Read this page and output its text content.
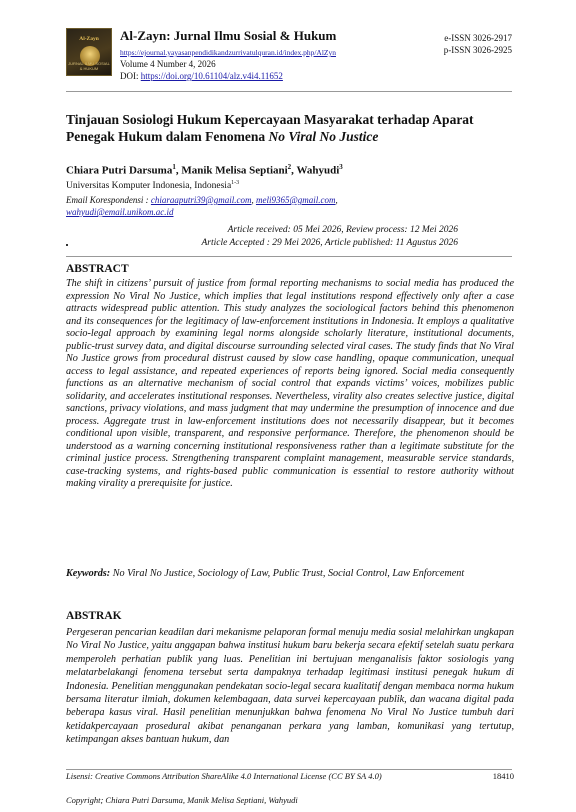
Al-Zayn
JURNAL ILMU SOSIAL & HUKUM
Al-Zayn: Jurnal Ilmu Sosial & Hukum
https://ejournal.yayasanpendidikandzurrivatulquran.id/index.php/AlZyn
Volume 4 Number 4, 2026
DOI: https://doi.org/10.61104/alz.v4i4.11652
e-ISSN 3026-2917
p-ISSN 3026-2925
Tinjauan Sosiologi Hukum Kepercayaan Masyarakat terhadap Aparat Penegak Hukum dalam Fenomena No Viral No Justice
Chiara Putri Darsuma$^1$, Manik Melisa Septiani$^2$, Wahyudi$^3$
Universitas Komputer Indonesia, Indonesia$^{1-3}$
Email Korespondensi : chiaraaputri39@gmail.com, meli9365@gmail.com,
wahyudi@email.unikom.ac.id
Article received: 05 Mei 2026, Review process: 12 Mei 2026
Article Accepted : 29 Mei 2026, Article published: 11 Agustus 2026
ABSTRACT

The shift in citizens’ pursuit of justice from formal reporting mechanisms to social media has produced the expression No Viral No Justice, which implies that legal institutions respond effectively only after a case attracts widespread public attention. This study analyzes the sociological factors behind this phenomenon and its consequences for the legitimacy of law-enforcement institutions in Indonesia. It employs a qualitative socio-legal approach by examining legal norms alongside scholarly literature, institutional documents, public-trust survey data, and digital discourse surrounding selected viral cases. The study finds that No Viral No Justice grows from procedural distrust caused by slow case handling, opaque communication, unequal access to legal assistance, and repeated experiences of reports being ignored. Social media consequently functions as an alternative mechanism of social control that expands victims’ voices, mobilizes public solidarity, and accelerates institutional responses. Nevertheless, virality also creates selective justice, digital sanctions, privacy violations, and mass judgment that may undermine the presumption of innocence and due process. Aggregate trust in law-enforcement institutions does not necessarily disappear, but it becomes conditional upon visible, transparent, and responsive performance. Therefore, the phenomenon should be understood as a warning concerning institutional responsiveness rather than a legitimate substitute for the criminal justice process. Strengthening transparent complaint management, measurable service standards, case-tracking systems, and rights-based public communication is essential to restore authority without making virality a prerequisite for justice.

Keywords: No Viral No Justice, Sociology of Law, Public Trust, Social Control, Law Enforcement
ABSTRAK

Pergeseran pencarian keadilan dari mekanisme pelaporan formal menuju media sosial melahirkan ungkapan No Viral No Justice, yaitu anggapan bahwa institusi hukum baru bekerja secara efektif setelah suatu perkara memperoleh perhatian publik yang luas. Penelitian ini bertujuan menganalisis faktor sosiologis yang melatarbelakangi fenomena tersebut serta dampaknya terhadap legitimasi institusi penegak hukum di Indonesia. Penelitian menggunakan pendekatan socio-legal secara kualitatif dengan membaca norma hukum bersama literatur ilmiah, dokumen kelembagaan, data survei kepercayaan publik, dan wacana digital pada beberapa kasus viral. Hasil penelitian menunjukkan bahwa fenomena No Viral No Justice tumbuh dari ketidakpercayaan prosedural akibat penanganan perkara yang lamban, komunikasi yang tertutup, ketimpangan akses bantuan hukum, dan

Lisensi: Creative Commons Attribution ShareAlike 4.0 International License (CC BY SA 4.0)	18410
Copyright; Chiara Putri Darsuma, Manik Melisa Septiani, Wahyudi
